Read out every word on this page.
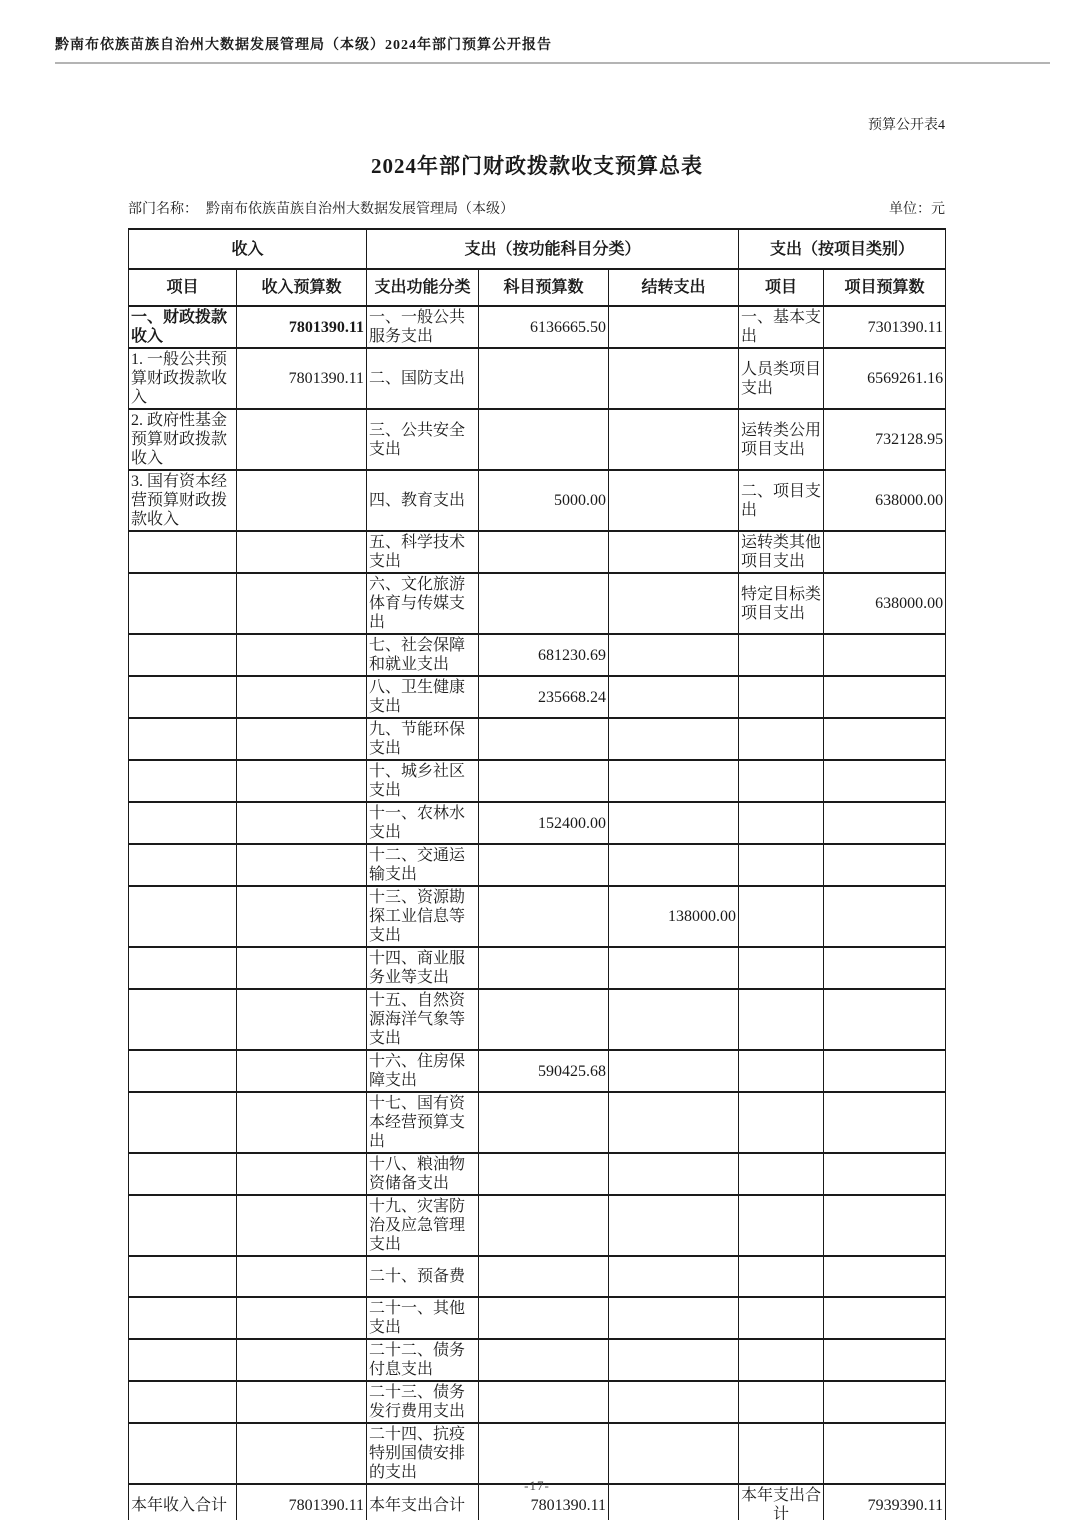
黔南布依族苗族自治州大数据发展管理局（本级）2024年部门预算公开报告
预算公开表4
2024年部门财政拨款收支预算总表
部门名称： 黔南布依族苗族自治州大数据发展管理局（本级）	单位：元
收入		支出（按功能科目分类）			支出（按项目类别）	
项目	收入预算数	支出功能分类	科目预算数	结转支出	项目	项目预算数
一、财政拨款收入	7801390.11	一、一般公共服务支出	6136665.50		一、基本支出	7301390.11
1. 一般公共预算财政拨款收入	7801390.11	二、国防支出			人员类项目支出	6569261.16
2. 政府性基金预算财政拨款收入		三、公共安全支出			运转类公用项目支出	732128.95
3. 国有资本经营预算财政拨款收入		四、教育支出	5000.00		二、项目支出	638000.00
		五、科学技术支出			运转类其他项目支出	
		六、文化旅游体育与传媒支出			特定目标类项目支出	638000.00
		七、社会保障和就业支出	681230.69			
		八、卫生健康支出	235668.24			
		九、节能环保支出				
		十、城乡社区支出				
		十一、农林水支出	152400.00			
		十二、交通运输支出				
		十三、资源勘探工业信息等支出		138000.00		
		十四、商业服务业等支出				
		十五、自然资源海洋气象等支出				
		十六、住房保障支出	590425.68			
		十七、国有资本经营预算支出				
		十八、粮油物资储备支出				
		十九、灾害防治及应急管理支出				
		二十、预备费				
		二十一、其他支出				
		二十二、债务付息支出				
		二十三、债务发行费用支出				
		二十四、抗疫特别国债安排的支出				
本年收入合计	7801390.11	本年支出合计	7801390.11		本年支出合计	7939390.11
-17-
